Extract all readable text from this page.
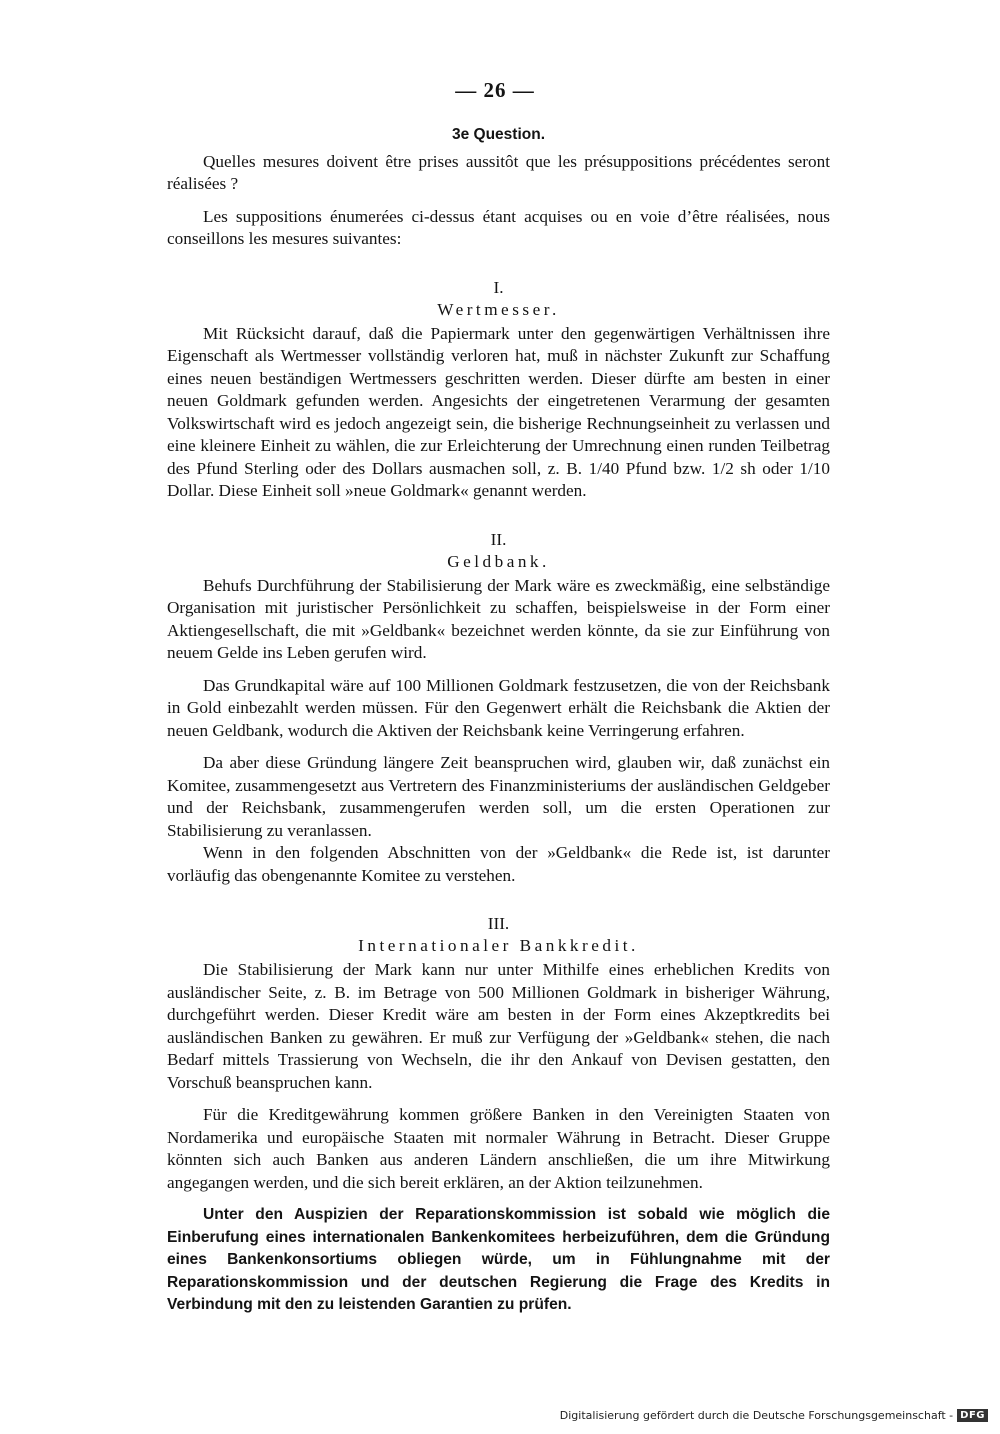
— 26 —
3e Question.

Quelles mesures doivent être prises aussitôt que les présuppositions précédentes seront réalisées ?

Les suppositions énumerées ci-dessus étant acquises ou en voie d’être réalisées, nous conseillons les mesures suivantes:

I.
Wertmesser.

Mit Rücksicht darauf, daß die Papiermark unter den gegenwärtigen Verhältnissen ihre Eigenschaft als Wertmesser vollständig verloren hat, muß in nächster Zukunft zur Schaffung eines neuen beständigen Wertmessers geschritten werden. Dieser dürfte am besten in einer neuen Goldmark gefunden werden. Angesichts der eingetretenen Verarmung der gesamten Volkswirtschaft wird es jedoch angezeigt sein, die bisherige Rechnungseinheit zu verlassen und eine kleinere Einheit zu wählen, die zur Erleichterung der Umrechnung einen runden Teilbetrag des Pfund Sterling oder des Dollars ausmachen soll, z. B. 1/40 Pfund bzw. 1/2 sh oder 1/10 Dollar. Diese Einheit soll »neue Goldmark« genannt werden.

II.
Geldbank.

Behufs Durchführung der Stabilisierung der Mark wäre es zweckmäßig, eine selbständige Organisation mit juristischer Persönlichkeit zu schaffen, beispielsweise in der Form einer Aktiengesellschaft, die mit »Geldbank« bezeichnet werden könnte, da sie zur Einführung von neuem Gelde ins Leben gerufen wird.

Das Grundkapital wäre auf 100 Millionen Goldmark festzusetzen, die von der Reichsbank in Gold einbezahlt werden müssen. Für den Gegenwert erhält die Reichsbank die Aktien der neuen Geldbank, wodurch die Aktiven der Reichsbank keine Verringerung erfahren.

Da aber diese Gründung längere Zeit beanspruchen wird, glauben wir, daß zunächst ein Komitee, zusammengesetzt aus Vertretern des Finanzministeriums der ausländischen Geldgeber und der Reichsbank, zusammengerufen werden soll, um die ersten Operationen zur Stabilisierung zu veranlassen.

Wenn in den folgenden Abschnitten von der »Geldbank« die Rede ist, ist darunter vorläufig das obengenannte Komitee zu verstehen.

III.
Internationaler Bankkredit.

Die Stabilisierung der Mark kann nur unter Mithilfe eines erheblichen Kredits von ausländischer Seite, z. B. im Betrage von 500 Millionen Goldmark in bisheriger Währung, durchgeführt werden. Dieser Kredit wäre am besten in der Form eines Akzeptkredits bei ausländischen Banken zu gewähren. Er muß zur Verfügung der »Geldbank« stehen, die nach Bedarf mittels Trassierung von Wechseln, die ihr den Ankauf von Devisen gestatten, den Vorschuß beanspruchen kann.

Für die Kreditgewährung kommen größere Banken in den Vereinigten Staaten von Nordamerika und europäische Staaten mit normaler Währung in Betracht. Dieser Gruppe könnten sich auch Banken aus anderen Ländern anschließen, die um ihre Mitwirkung angegangen werden, und die sich bereit erklären, an der Aktion teilzunehmen.

Unter den Auspizien der Reparationskommission ist sobald wie möglich die Einberufung eines internationalen Bankenkomitees herbeizuführen, dem die Gründung eines Bankenkonsortiums obliegen würde, um in Fühlungnahme mit der Reparationskommission und der deutschen Regierung die Frage des Kredits in Verbindung mit den zu leistenden Garantien zu prüfen.

Digitalisierung gefördert durch die Deutsche Forschungsgemeinschaft - DFG
